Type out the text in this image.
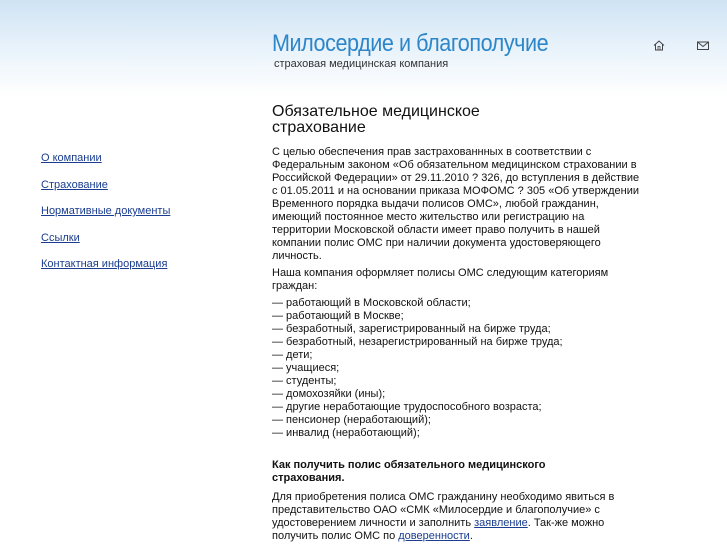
Милосердие и благополучие
страховая медицинская компания
О компании
Страхование
Нормативные документы
Ссылки
Контактная информация
Обязательное медицинское страхование

С целью обеспечения прав застрахованнных в соответствии с Федеральным законом «Об обязательном медицинском страховании в Российской Федерации» от 29.11.2010 ? 326, до вступления в действие с 01.05.2011 и на основании приказа МОФОМС ? 305 «Об утверждении Временного порядка выдачи полисов ОМС», любой гражданин, имеющий постоянное место жительство или регистрацию на территории Московской области имеет право получить в нашей компании полис ОМС при наличии документа удостоверяющего личность.

Наша компания оформляет полисы ОМС следующим категориям граждан:

— работающий в Московской области;
— работающий в Москве;
— безработный, зарегистрированный на бирже труда;
— безработный, незарегистрированный на бирже труда;
— дети;
— учащиеся;
— студенты;
— домохозяйки (ины);
— другие неработающие трудоспособного возраста;
— пенсионер (неработающий);
— инвалид (неработающий);
Как получить полис обязательного медицинского страхования.

Для приобретения полиса ОМС гражданину необходимо явиться в представительство ОАО «СМК «Милосердие и благополучие» с удостоверением личности и заполнить заявление. Так-же можно получить полис ОМС по доверенности.
